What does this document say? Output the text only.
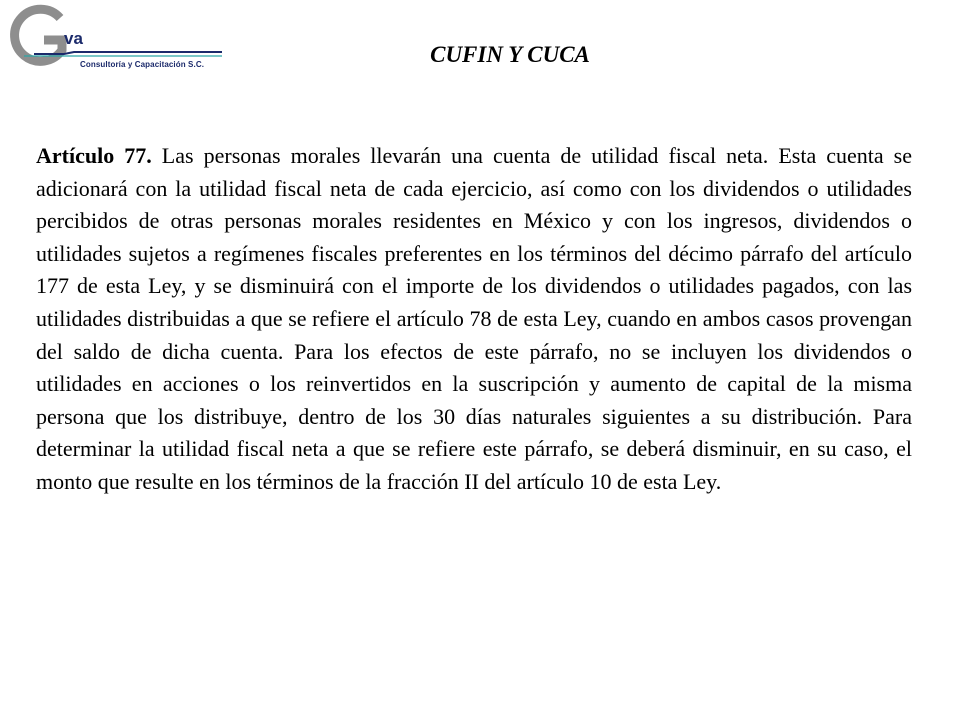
va
Consultoría y Capacitación S.C.	CUFIN Y CUCA

Artículo 77. Las personas morales llevarán una cuenta de utilidad fiscal neta. Esta cuenta se adicionará con la utilidad fiscal neta de cada ejercicio, así como con los dividendos o utilidades percibidos de otras personas morales residentes en México y con los ingresos, dividendos o utilidades sujetos a regímenes fiscales preferentes en los términos del décimo párrafo del artículo 177 de esta Ley, y se disminuirá con el importe de los dividendos o utilidades pagados, con las utilidades distribuidas a que se refiere el artículo 78 de esta Ley, cuando en ambos casos provengan del saldo de dicha cuenta. Para los efectos de este párrafo, no se incluyen los dividendos o utilidades en acciones o los reinvertidos en la suscripción y aumento de capital de la misma persona que los distribuye, dentro de los 30 días naturales siguientes a su distribución. Para determinar la utilidad fiscal neta a que se refiere este párrafo, se deberá disminuir, en su caso, el monto que resulte en los términos de la fracción II del artículo 10 de esta Ley.
